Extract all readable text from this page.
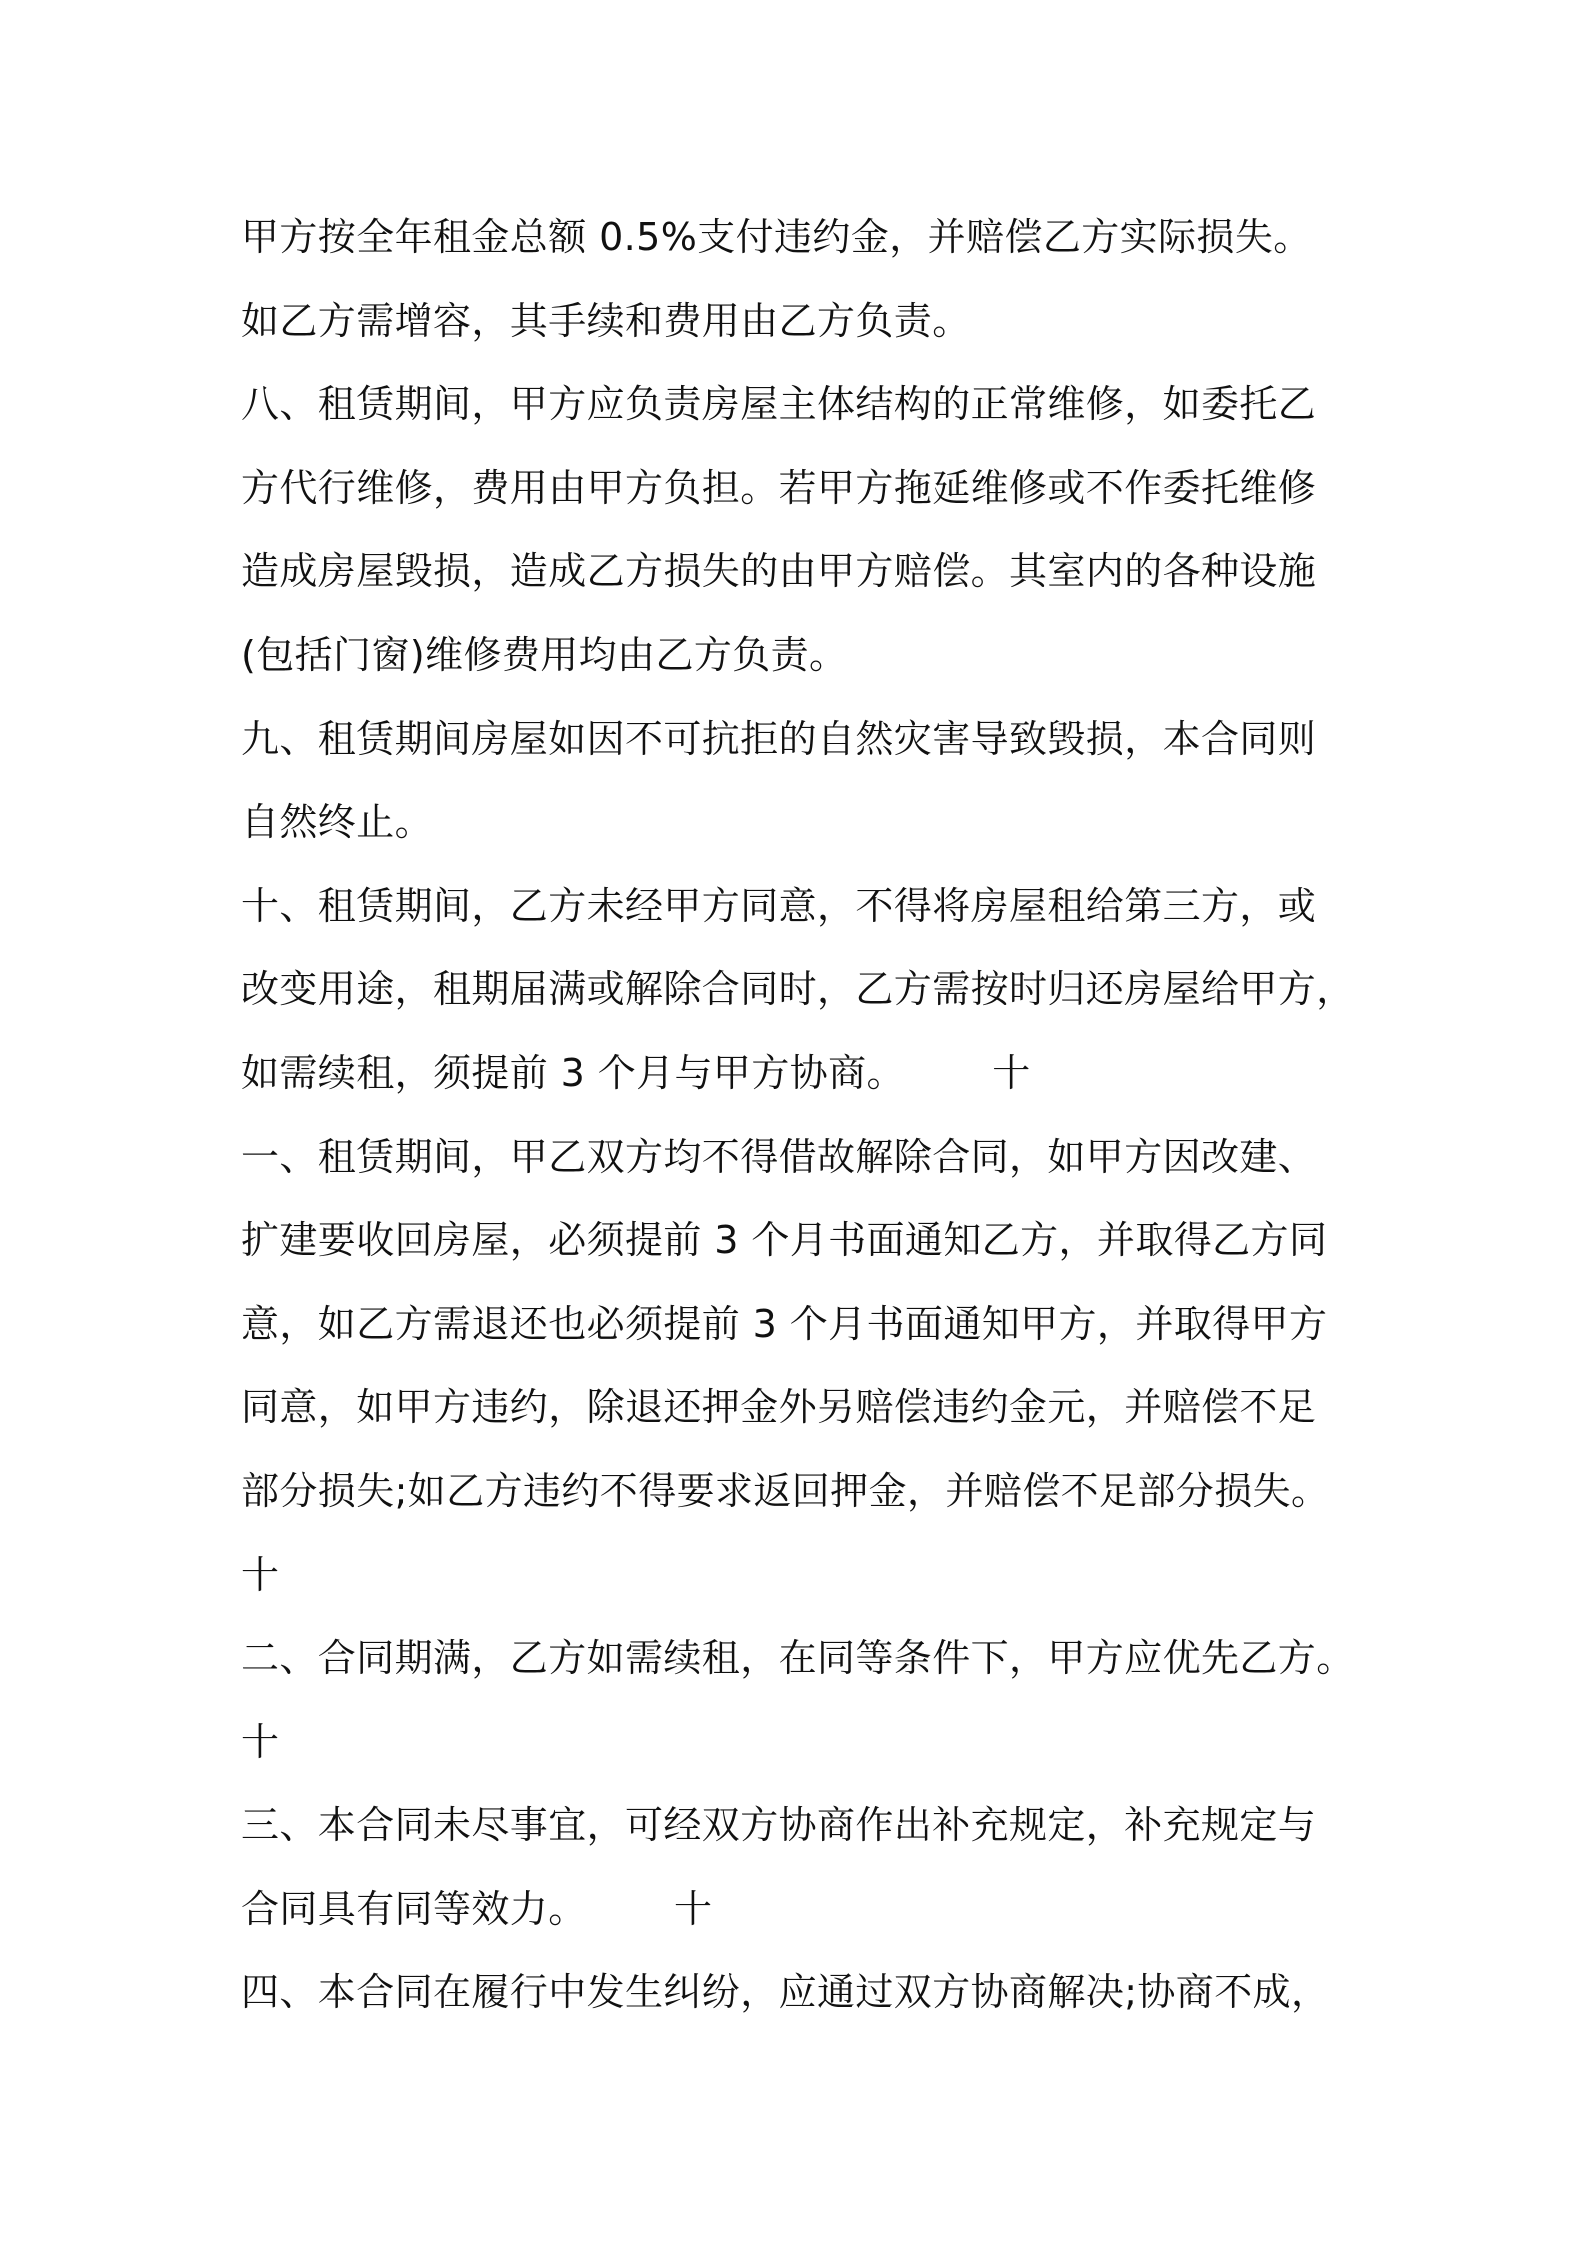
甲方按全年租金总额 0.5%支付违约金，并赔偿乙方实际损失。
如乙方需增容，其手续和费用由乙方负责。
八、租赁期间，甲方应负责房屋主体结构的正常维修，如委托乙
方代行维修，费用由甲方负担。若甲方拖延维修或不作委托维修
造成房屋毁损，造成乙方损失的由甲方赔偿。其室内的各种设施
(包括门窗)维修费用均由乙方负责。
九、租赁期间房屋如因不可抗拒的自然灾害导致毁损，本合同则
自然终止。
十、租赁期间，乙方未经甲方同意，不得将房屋租给第三方，或
改变用途，租期届满或解除合同时，乙方需按时归还房屋给甲方，
如需续租，须提前 3 个月与甲方协商。       十
一、租赁期间，甲乙双方均不得借故解除合同，如甲方因改建、
扩建要收回房屋，必须提前 3 个月书面通知乙方，并取得乙方同
意，如乙方需退还也必须提前 3 个月书面通知甲方，并取得甲方
同意，如甲方违约，除退还押金外另赔偿违约金元，并赔偿不足
部分损失;如乙方违约不得要求返回押金，并赔偿不足部分损失。
十
二、合同期满，乙方如需续租，在同等条件下，甲方应优先乙方。
十
三、本合同未尽事宜，可经双方协商作出补充规定，补充规定与
合同具有同等效力。       十
四、本合同在履行中发生纠纷，应通过双方协商解决;协商不成，
